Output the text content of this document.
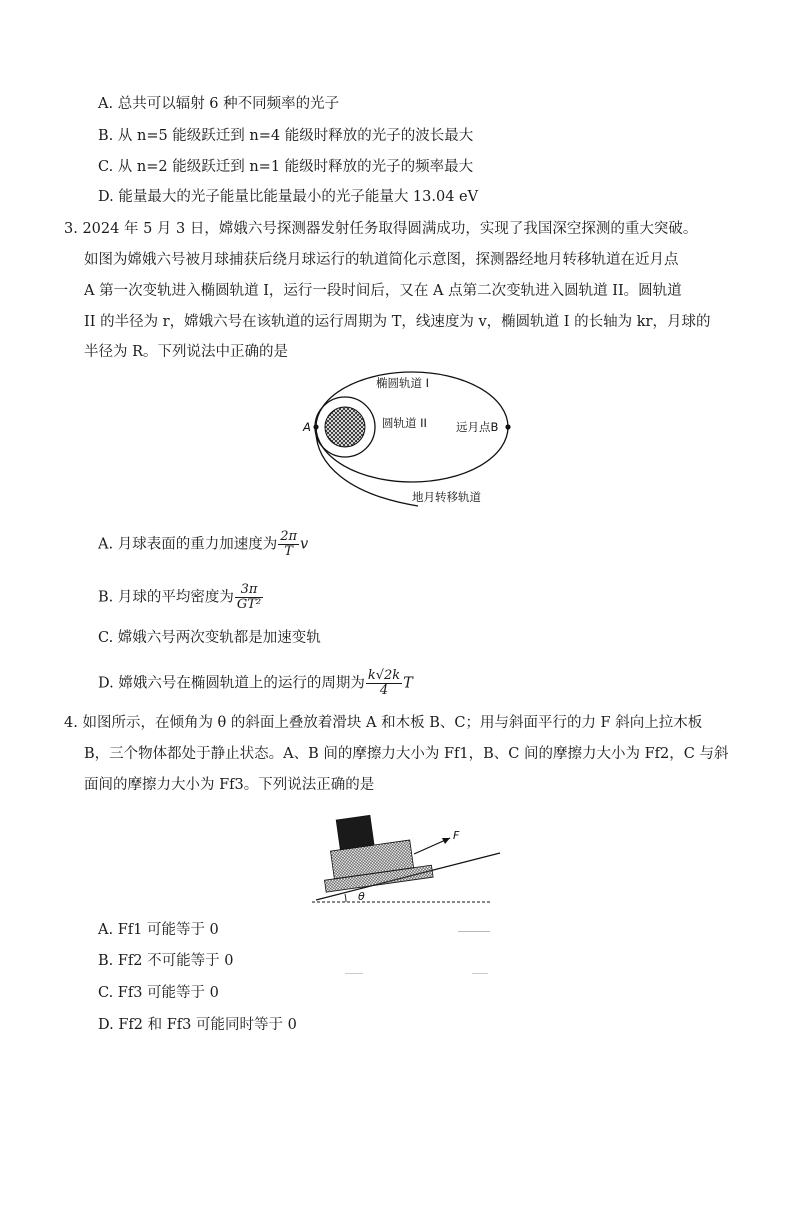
A. 总共可以辐射 6 种不同频率的光子
B. 从 n=5 能级跃迁到 n=4 能级时释放的光子的波长最大
C. 从 n=2 能级跃迁到 n=1 能级时释放的光子的频率最大
D. 能量最大的光子能量比能量最小的光子能量大 13.04 eV
3. 2024 年 5 月 3 日，嫦娥六号探测器发射任务取得圆满成功，实现了我国深空探测的重大突破。
如图为嫦娥六号被月球捕获后绕月球运行的轨道简化示意图，探测器经地月转移轨道在近月点
A 第一次变轨进入椭圆轨道 I，运行一段时间后，又在 A 点第二次变轨进入圆轨道 II。圆轨道
II 的半径为 r，嫦娥六号在该轨道的运行周期为 T，线速度为 v，椭圆轨道 I 的长轴为 kr，月球的
半径为 R。下列说法中正确的是
椭圆轨道 I
圆轨道 II
A	远月点B
地月转移轨道
A. 月球表面的重力加速度为 $\frac{2\pi}{T}$ v
B. 月球的平均密度为 $\frac{3\pi}{\text{GT²}}$
C. 嫦娥六号两次变轨都是加速变轨
D. 嫦娥六号在椭圆轨道上的运行的周期为 $\frac{k√2k}{4}$ T
4. 如图所示，在倾角为 θ 的斜面上叠放着滑块 A 和木板 B、C；用与斜面平行的力 F 斜向上拉木板
B，三个物体都处于静止状态。A、B 间的摩擦力大小为 Ff1，B、C 间的摩擦力大小为 Ff2，C 与斜
面间的摩擦力大小为 Ff3。下列说法正确的是
F
θ
A. Ff1 可能等于 0
B. Ff2 不可能等于 0
C. Ff3 可能等于 0
D. Ff2 和 Ff3 可能同时等于 0
